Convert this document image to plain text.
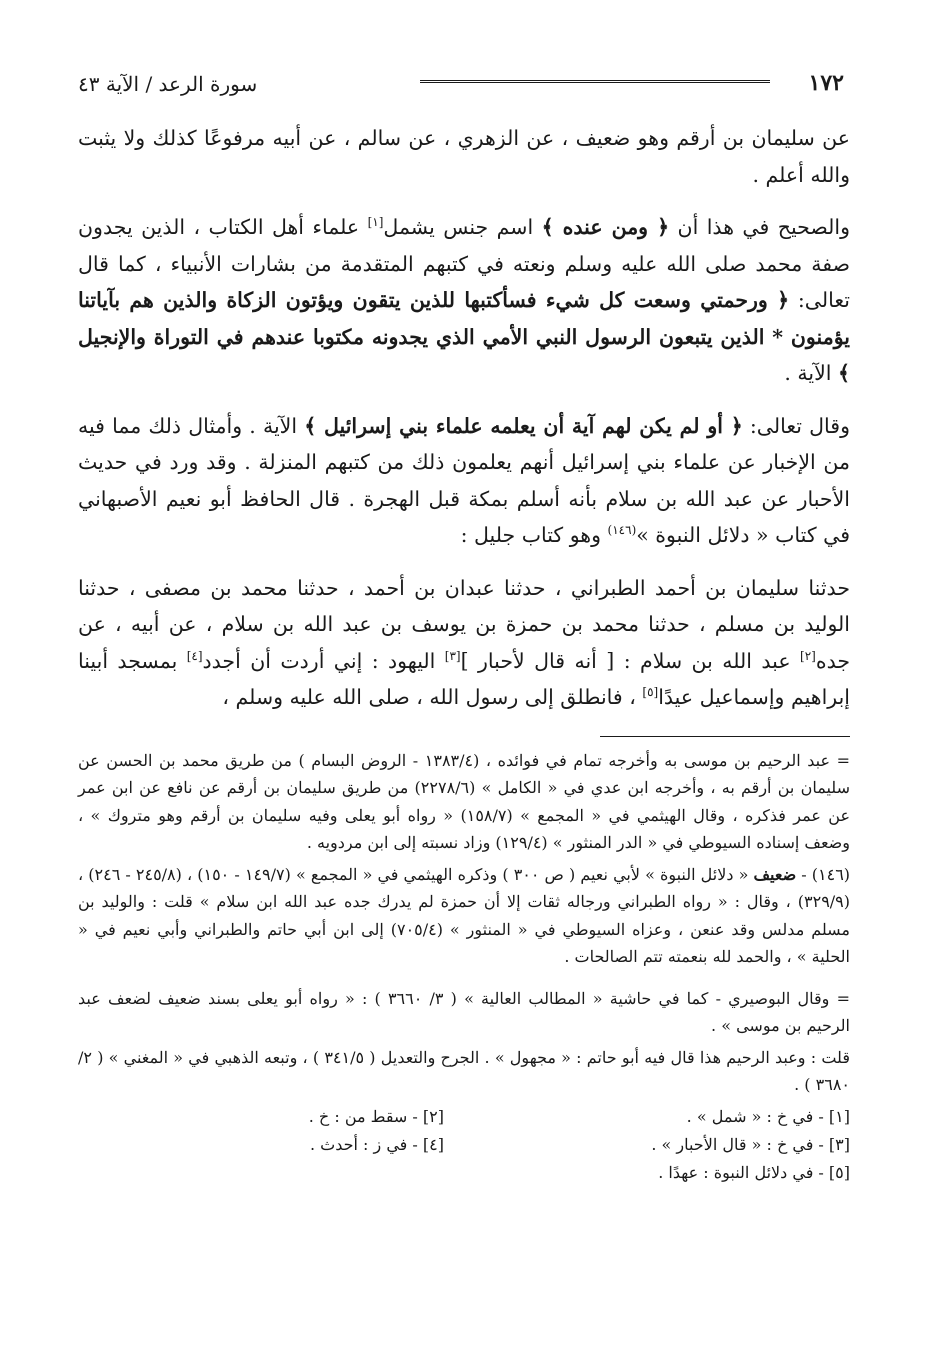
١٧٢
سورة الرعد / الآية ٤٣

عن سليمان بن أرقم وهو ضعيف ، عن الزهري ، عن سالم ، عن أبيه مرفوعًا كذلك ولا يثبت والله أعلم .

والصحيح في هذا أن ﴿ ومن عنده ﴾ اسم جنس يشمل[١] علماء أهل الكتاب ، الذين يجدون صفة محمد صلى الله عليه وسلم ونعته في كتبهم المتقدمة من بشارات الأنبياء ، كما قال تعالى: ﴿ ورحمتي وسعت كل شيء فسأكتبها للذين يتقون ويؤتون الزكاة والذين هم بآياتنا يؤمنون * الذين يتبعون الرسول النبي الأمي الذي يجدونه مكتوبا عندهم في التوراة والإنجيل ﴾ الآية .

وقال تعالى: ﴿ أو لم يكن لهم آية أن يعلمه علماء بني إسرائيل ﴾ الآية . وأمثال ذلك مما فيه من الإخبار عن علماء بني إسرائيل أنهم يعلمون ذلك من كتبهم المنزلة . وقد ورد في حديث الأحبار عن عبد الله بن سلام بأنه أسلم بمكة قبل الهجرة . قال الحافظ أبو نعيم الأصبهاني في كتاب « دلائل النبوة »$^{(١٤٦)}$ وهو كتاب جليل :

حدثنا سليمان بن أحمد الطبراني ، حدثنا عبدان بن أحمد ، حدثنا محمد بن مصفى ، حدثنا الوليد بن مسلم ، حدثنا محمد بن حمزة بن يوسف بن عبد الله بن سلام ، عن أبيه ، عن جده[٢] عبد الله بن سلام : [ أنه قال لأحبار ][٣] اليهود : إني أردت أن أجدد[٤] بمسجد أبينا إبراهيم وإسماعيل عيدًا[٥] ، فانطلق إلى رسول الله ، صلى الله عليه وسلم ،

= عبد الرحيم بن موسى به وأخرجه تمام في فوائده ، (١٣٨٣/٤ - الروض البسام ) من طريق محمد بن الحسن عن سليمان بن أرقم به ، وأخرجه ابن عدي في « الكامل » (٢٢٧٨/٦) من طريق سليمان بن أرقم عن نافع عن ابن عمر عن عمر فذكره ، وقال الهيثمي في « المجمع » (١٥٨/٧) « رواه أبو يعلى وفيه سليمان بن أرقم وهو متروك » ، وضعف إسناده السيوطي في « الدر المنثور » (١٢٩/٤) وزاد نسبته إلى ابن مردويه .

(١٤٦) - ضعيف « دلائل النبوة » لأبي نعيم ( ص ٣٠٠ ) وذكره الهيثمي في « المجمع » (١٤٩/٧ - ١٥٠) ، (٢٤٥/٨ - ٢٤٦) ، (٣٢٩/٩) ، وقال : « رواه الطبراني ورجاله ثقات إلا أن حمزة لم يدرك جده عبد الله ابن سلام » قلت : والوليد بن مسلم مدلس وقد عنعن ، وعزاه السيوطي في « المنثور » (٧٠٥/٤) إلى ابن أبي حاتم والطبراني وأبي نعيم في « الحلية » ، والحمد لله بنعمته تتم الصالحات .

= وقال البوصيري - كما في حاشية « المطالب العالية » ( ٣/ ٣٦٦٠ ) : « رواه أبو يعلى بسند ضعيف لضعف عبد الرحيم بن موسى » .

قلت : وعبد الرحيم هذا قال فيه أبو حاتم : « مجهول » . الجرح والتعديل ( ٣٤١/٥ ) ، وتبعه الذهبي في « المغني » ( ٢/ ٣٦٨٠ ) .

[١] - في خ : « شمل » .
[٢] - سقط من : خ .
[٣] - في خ : « قال الأحبار » .
[٤] - في ز : أحدث .
[٥] - في دلائل النبوة : عهدًا .
